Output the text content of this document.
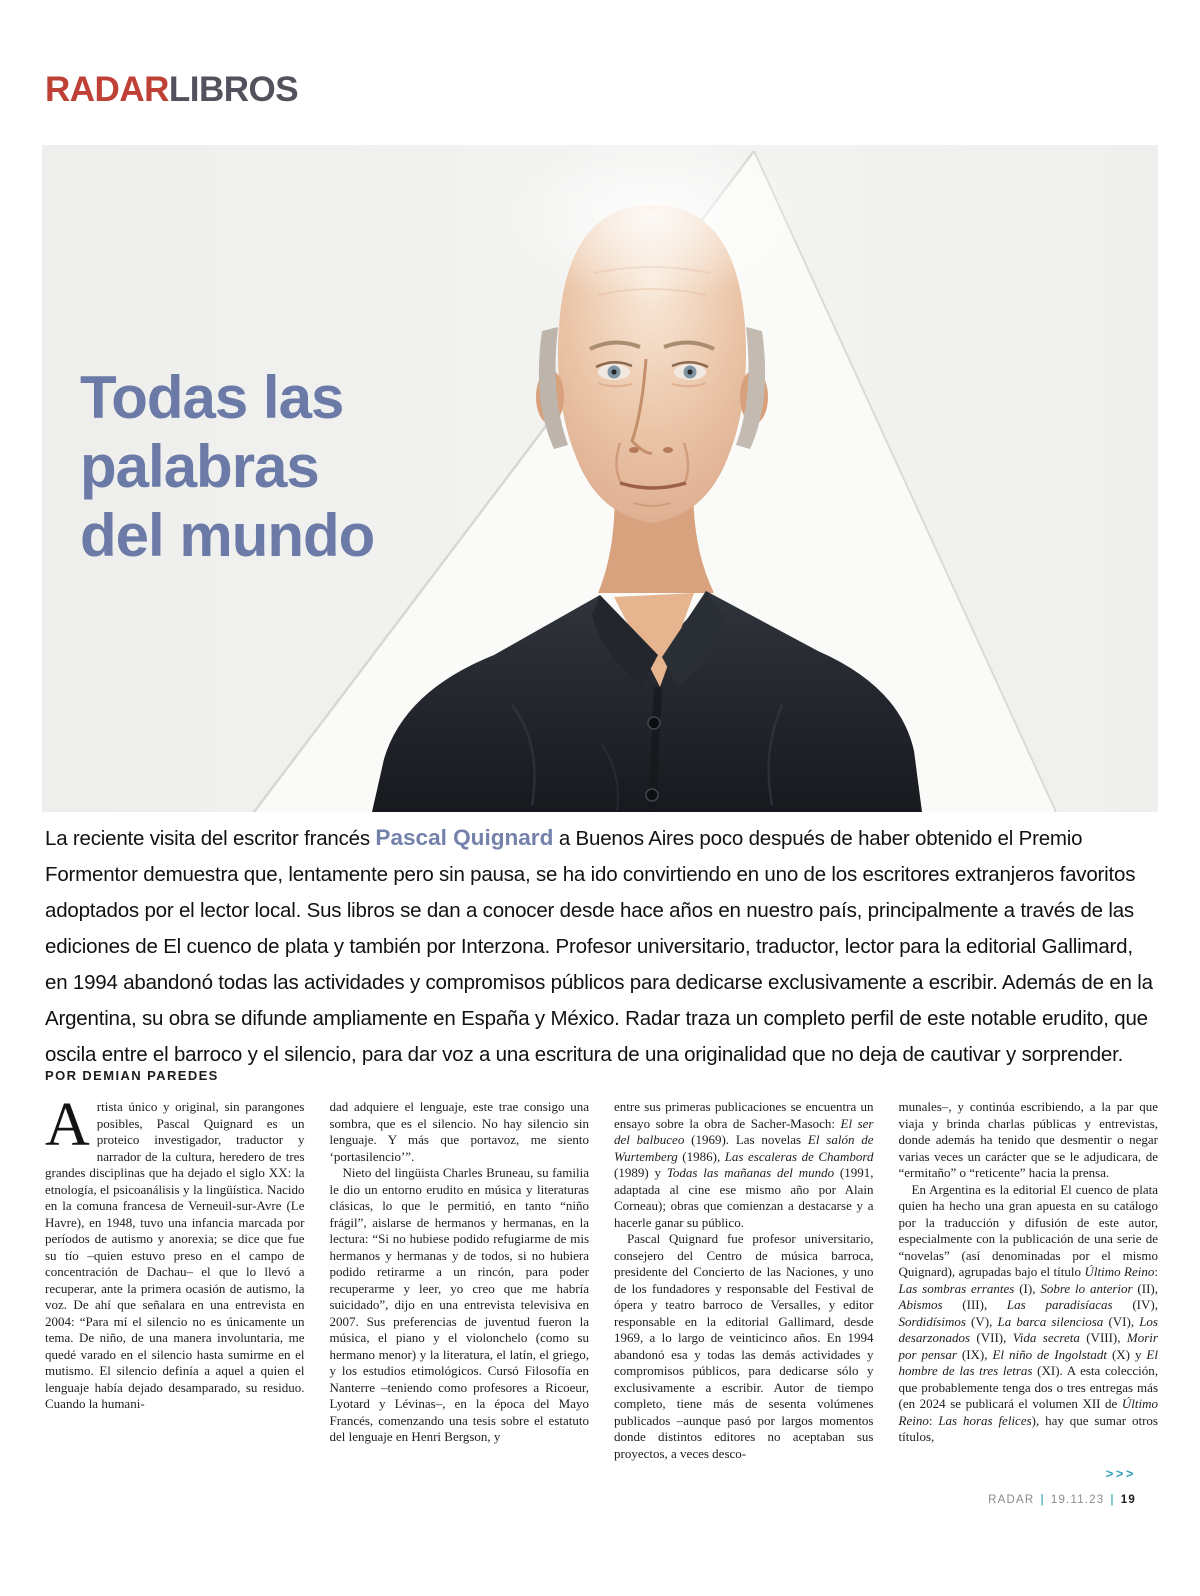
RADARLIBROS
Todas las
palabras
del mundo

La reciente visita del escritor francés Pascal Quignard a Buenos Aires poco después de haber obtenido el Premio Formentor demuestra que, lentamente pero sin pausa, se ha ido convirtiendo en uno de los escritores extranjeros favoritos adoptados por el lector local. Sus libros se dan a conocer desde hace años en nuestro país, principalmente a través de las ediciones de El cuenco de plata y también por Interzona. Profesor universitario, traductor, lector para la editorial Gallimard, en 1994 abandonó todas las actividades y compromisos públicos para dedicarse exclusivamente a escribir. Además de en la Argentina, su obra se difunde ampliamente en España y México. Radar traza un completo perfil de este notable erudito, que oscila entre el barroco y el silencio, para dar voz a una escritura de una originalidad que no deja de cautivar y sorprender.

POR DEMIAN PAREDES

Artista único y original, sin parangones posibles, Pascal Quignard es un proteico investigador, traductor y narrador de la cultura, heredero de tres grandes disciplinas que ha dejado el siglo XX: la etnología, el psicoanálisis y la lingüística. Nacido en la comuna francesa de Verneuil-sur-Avre (Le Havre), en 1948, tuvo una infancia marcada por períodos de autismo y anorexia; se dice que fue su tío –quien estuvo preso en el campo de concentración de Dachau– el que lo llevó a recuperar, ante la primera ocasión de autismo, la voz. De ahí que señalara en una entrevista en 2004: “Para mí el silencio no es únicamente un tema. De niño, de una manera involuntaria, me quedé varado en el silencio hasta sumirme en el mutismo. El silencio definía a aquel a quien el lenguaje había dejado desamparado, su residuo. Cuando la humani-

dad adquiere el lenguaje, este trae consigo una sombra, que es el silencio. No hay silencio sin lenguaje. Y más que portavoz, me siento ‘portasilencio’”.

Nieto del lingüista Charles Bruneau, su familia le dio un entorno erudito en música y literaturas clásicas, lo que le permitió, en tanto “niño frágil”, aislarse de hermanos y hermanas, en la lectura: “Si no hubiese podido refugiarme de mis hermanos y hermanas y de todos, si no hubiera podido retirarme a un rincón, para poder recuperarme y leer, yo creo que me habría suicidado”, dijo en una entrevista televisiva en 2007. Sus preferencias de juventud fueron la música, el piano y el violonchelo (como su hermano menor) y la literatura, el latín, el griego, y los estudios etimológicos. Cursó Filosofía en Nanterre –teniendo como profesores a Ricoeur, Lyotard y Lévinas–, en la época del Mayo Francés, comenzando una tesis sobre el estatuto del lenguaje en Henri Bergson, y

entre sus primeras publicaciones se encuentra un ensayo sobre la obra de Sacher-Masoch: El ser del balbuceo (1969). Las novelas El salón de Wurtemberg (1986), Las escaleras de Chambord (1989) y Todas las mañanas del mundo (1991, adaptada al cine ese mismo año por Alain Corneau); obras que comienzan a destacarse y a hacerle ganar su público.

Pascal Quignard fue profesor universitario, consejero del Centro de música barroca, presidente del Concierto de las Naciones, y uno de los fundadores y responsable del Festival de ópera y teatro barroco de Versalles, y editor responsable en la editorial Gallimard, desde 1969, a lo largo de veinticinco años. En 1994 abandonó esa y todas las demás actividades y compromisos públicos, para dedicarse sólo y exclusivamente a escribir. Autor de tiempo completo, tiene más de sesenta volúmenes publicados –aunque pasó por largos momentos donde distintos editores no aceptaban sus proyectos, a veces desco-

munales–, y continúa escribiendo, a la par que viaja y brinda charlas públicas y entrevistas, donde además ha tenido que desmentir o negar varias veces un carácter que se le adjudicara, de “ermitaño” o “reticente” hacia la prensa.

En Argentina es la editorial El cuenco de plata quien ha hecho una gran apuesta en su catálogo por la traducción y difusión de este autor, especialmente con la publicación de una serie de “novelas” (así denominadas por el mismo Quignard), agrupadas bajo el título Último Reino: Las sombras errantes (I), Sobre lo anterior (II), Abismos (III), Las paradisíacas (IV), Sordidísimos (V), La barca silenciosa (VI), Los desarzonados (VII), Vida secreta (VIII), Morir por pensar (IX), El niño de Ingolstadt (X) y El hombre de las tres letras (XI). A esta colección, que probablemente tenga dos o tres entregas más (en 2024 se publicará el volumen XII de Último Reino: Las horas felices), hay que sumar otros títulos,

>>>
RADAR | 19.11.23 | 19
